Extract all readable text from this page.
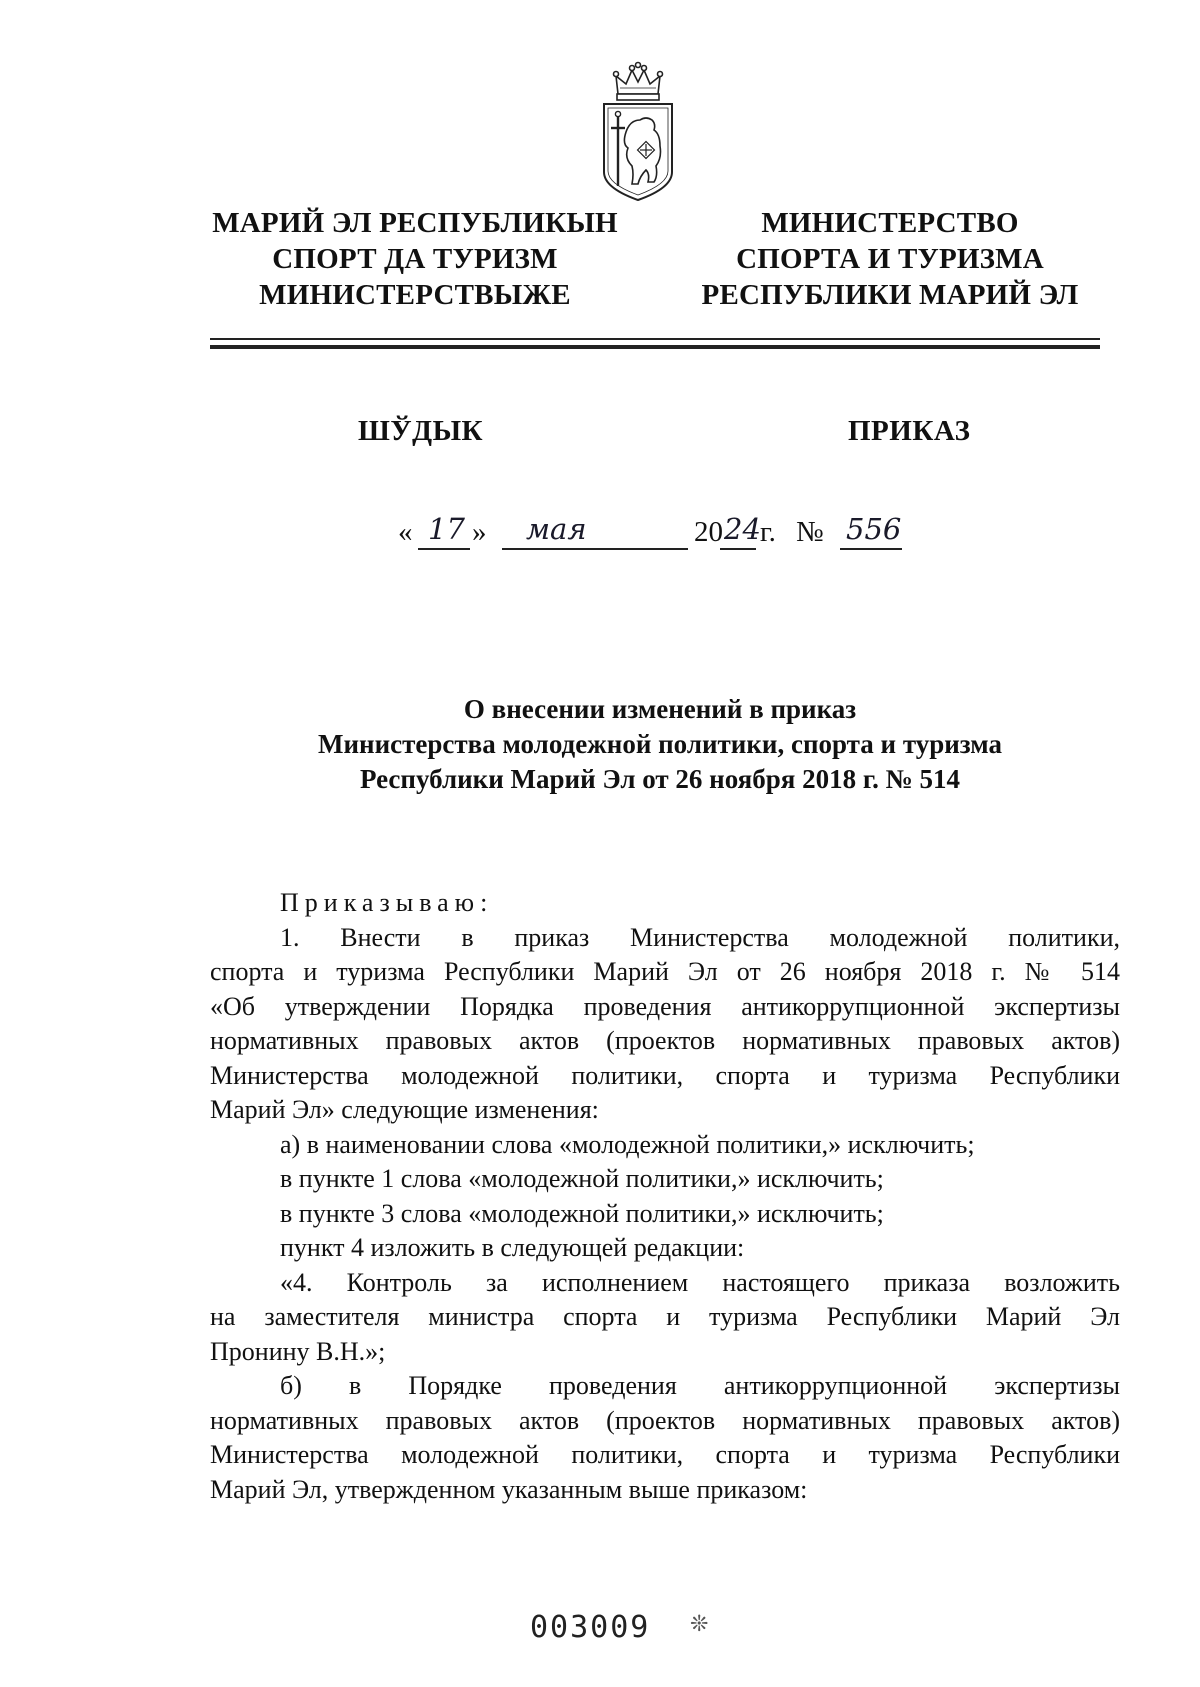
МАРИЙ ЭЛ РЕСПУБЛИКЫН
СПОРТ ДА ТУРИЗМ
МИНИСТЕРСТВЫЖЕ
МИНИСТЕРСТВО
СПОРТА И ТУРИЗМА
РЕСПУБЛИКИ МАРИЙ ЭЛ
ШЎДЫК	ПРИКАЗ
« 17 » мая	20 24 г. № 556
О внесении изменений в приказ
Министерства молодежной политики, спорта и туризма
Республики Марий Эл от 26 ноября 2018 г. № 514
Приказываю:
1. Внести в приказ Министерства молодежной политики,
спорта и туризма Республики Марий Эл от 26 ноября 2018 г. № 514
«Об утверждении Порядка проведения антикоррупционной экспертизы
нормативных правовых актов (проектов нормативных правовых актов)
Министерства молодежной политики, спорта и туризма Республики
Марий Эл» следующие изменения:
а) в наименовании слова «молодежной политики,» исключить;
в пункте 1 слова «молодежной политики,» исключить;
в пункте 3 слова «молодежной политики,» исключить;
пункт 4 изложить в следующей редакции:
«4. Контроль за исполнением настоящего приказа возложить
на заместителя министра спорта и туризма Республики Марий Эл
Пронину В.Н.»;
б) в Порядке проведения антикоррупционной экспертизы
нормативных правовых актов (проектов нормативных правовых актов)
Министерства молодежной политики, спорта и туризма Республики
Марий Эл, утвержденном указанным выше приказом:
003009 ❊
